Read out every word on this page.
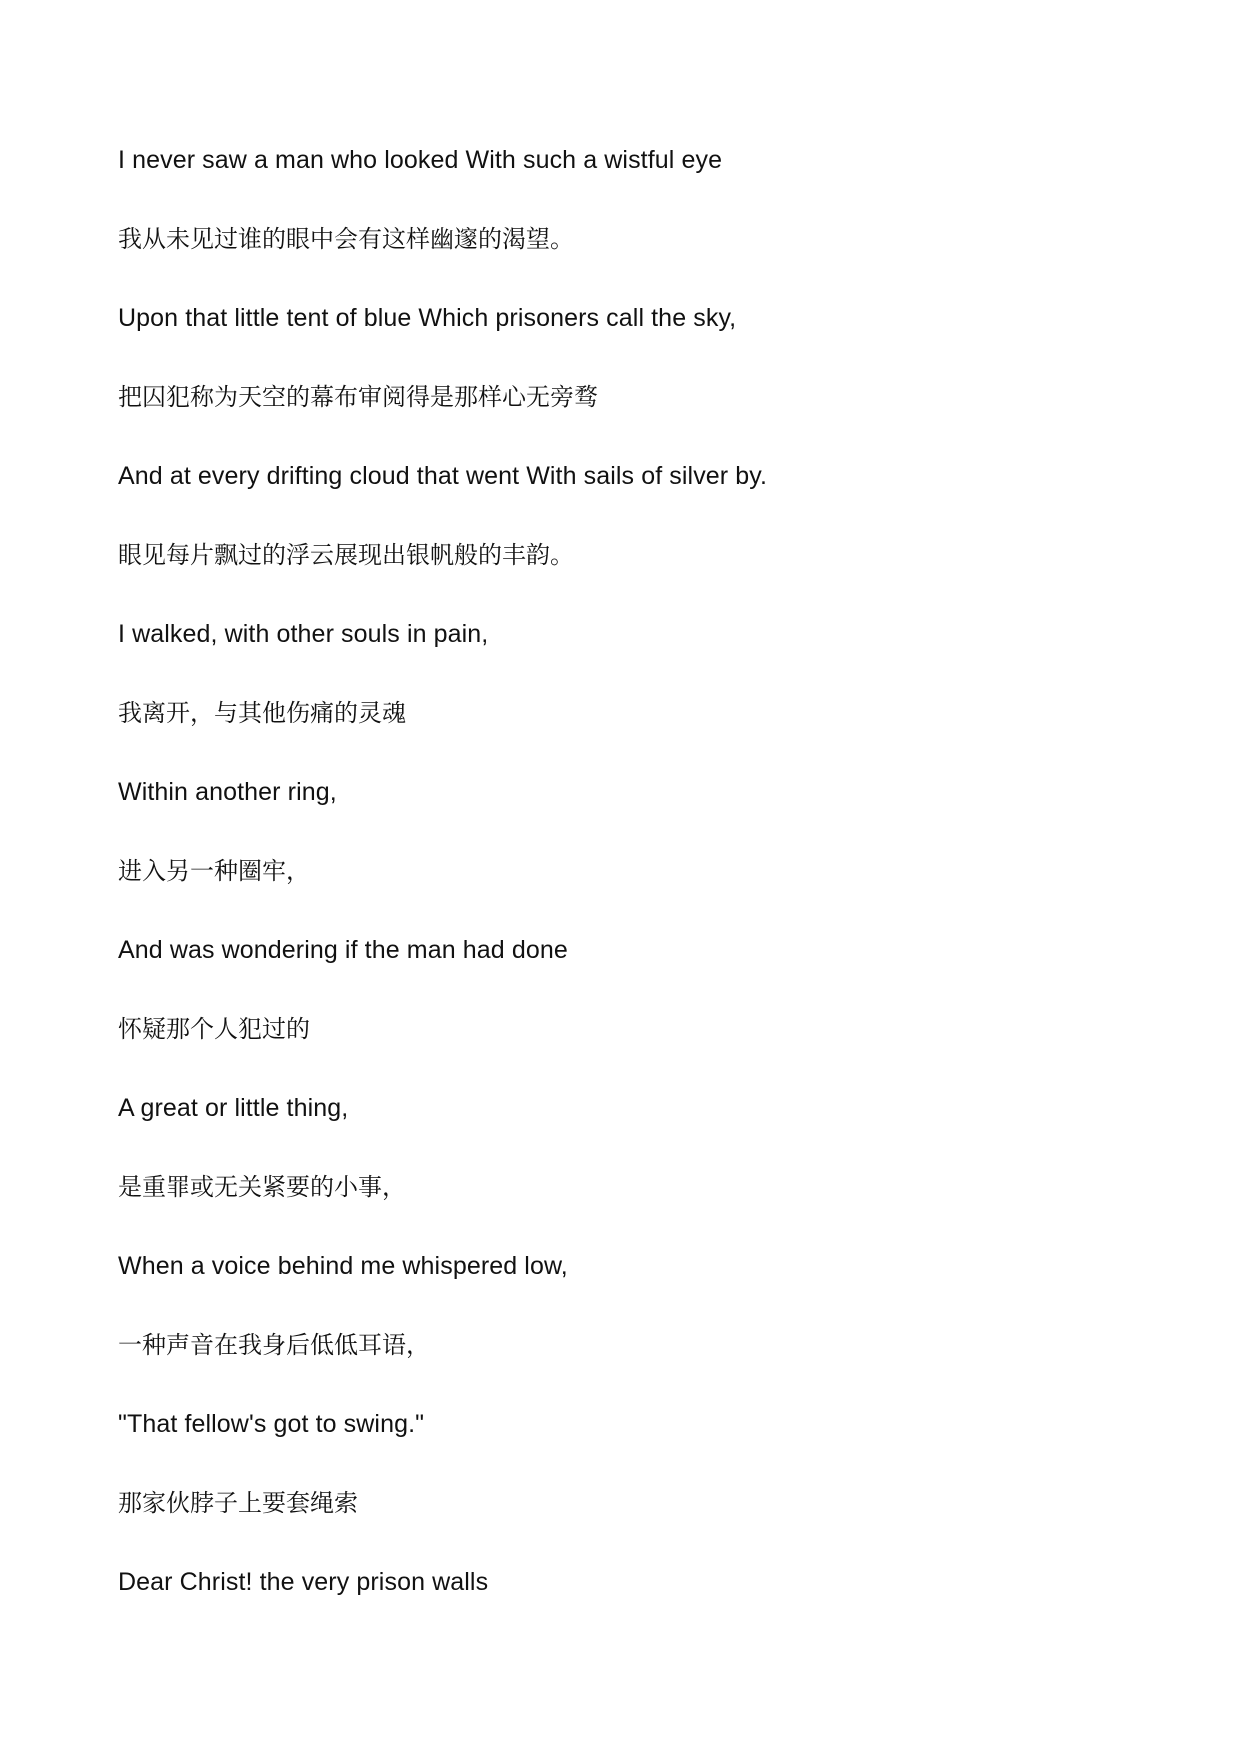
I never saw a man who looked With such a wistful eye
我从未见过谁的眼中会有这样幽邃的渴望。
Upon that little tent of blue Which prisoners call the sky,
把囚犯称为天空的幕布审阅得是那样心无旁骛
And at every drifting cloud that went With sails of silver by.
眼见每片飘过的浮云展现出银帆般的丰韵。
I walked, with other souls in pain,
我离开，与其他伤痛的灵魂
Within another ring,
进入另一种圈牢，
And was wondering if the man had done
怀疑那个人犯过的
A great or little thing,
是重罪或无关紧要的小事，
When a voice behind me whispered low,
一种声音在我身后低低耳语，
"That fellow's got to swing."
那家伙脖子上要套绳索
Dear Christ! the very prison walls
